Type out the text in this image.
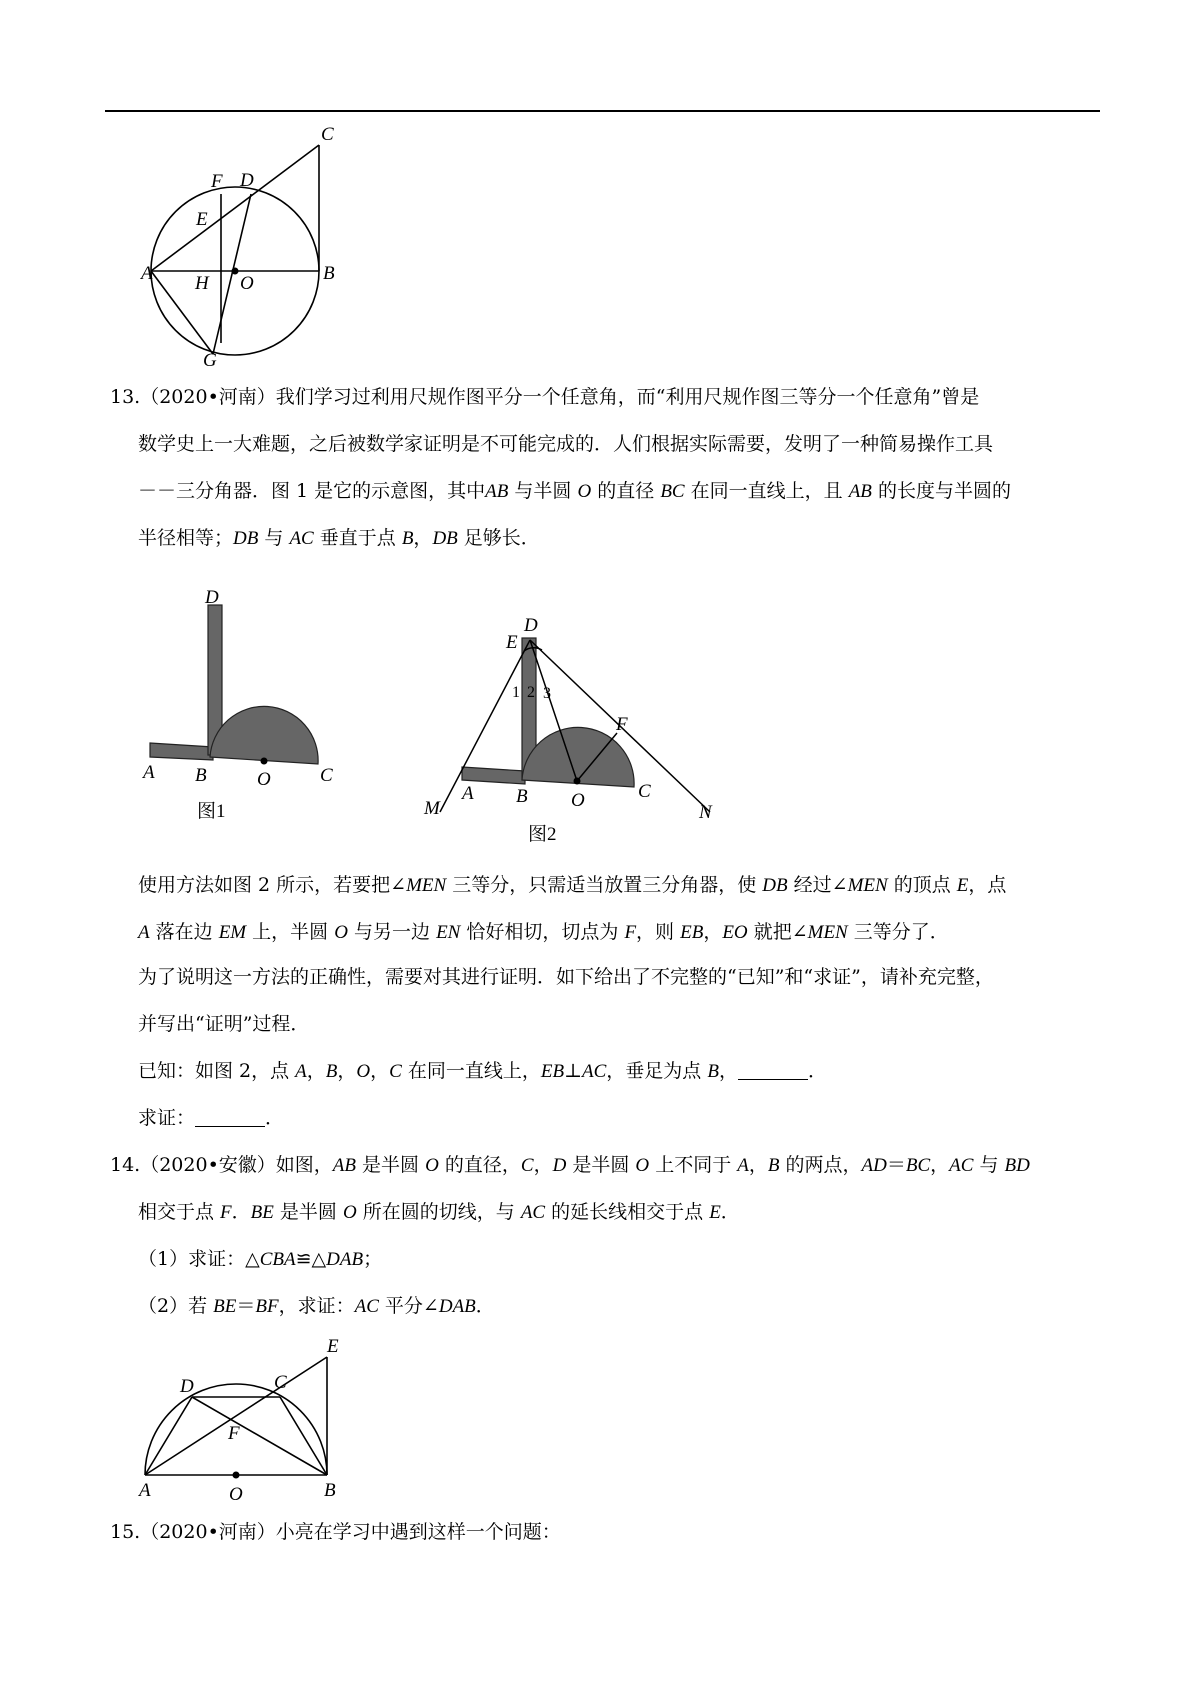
C
D
F
E
A H O	B
G

13.（2020•河南）我们学习过利用尺规作图平分一个任意角，而“利用尺规作图三等分一个任意角”曾是

数学史上一大难题，之后被数学家证明是不可能完成的．人们根据实际需要，发明了一种简易操作工具

－－三分角器．图 1 是它的示意图，其中AB 与半圆 O 的直径 BC 在同一直线上，且 AB 的长度与半圆的

半径相等；DB 与 AC 垂直于点 B，DB 足够长．

D
A B	O	C
图1
D
E
1 2 3
F
A B O	C
M	N
图2

使用方法如图 2 所示，若要把∠MEN 三等分，只需适当放置三分角器，使 DB 经过∠MEN 的顶点 E，点

A 落在边 EM 上，半圆 O 与另一边 EN 恰好相切，切点为 F，则 EB，EO 就把∠MEN 三等分了．

为了说明这一方法的正确性，需要对其进行证明．如下给出了不完整的“已知”和“求证”，请补充完整，

并写出“证明”过程．

已知：如图 2，点 A，B，O，C 在同一直线上，EB⊥AC，垂足为点 B，	．

求证：	．

14.（2020•安徽）如图，AB 是半圆 O 的直径，C，D 是半圆 O 上不同于 A，B 的两点，AD＝BC，AC 与 BD

相交于点 F．BE 是半圆 O 所在圆的切线，与 AC 的延长线相交于点 E．

（1）求证：△CBA≌△DAB；

（2）若 BE＝BF，求证：AC 平分∠DAB．

E
D	C
F
A	O	B

15.（2020•河南）小亮在学习中遇到这样一个问题：
